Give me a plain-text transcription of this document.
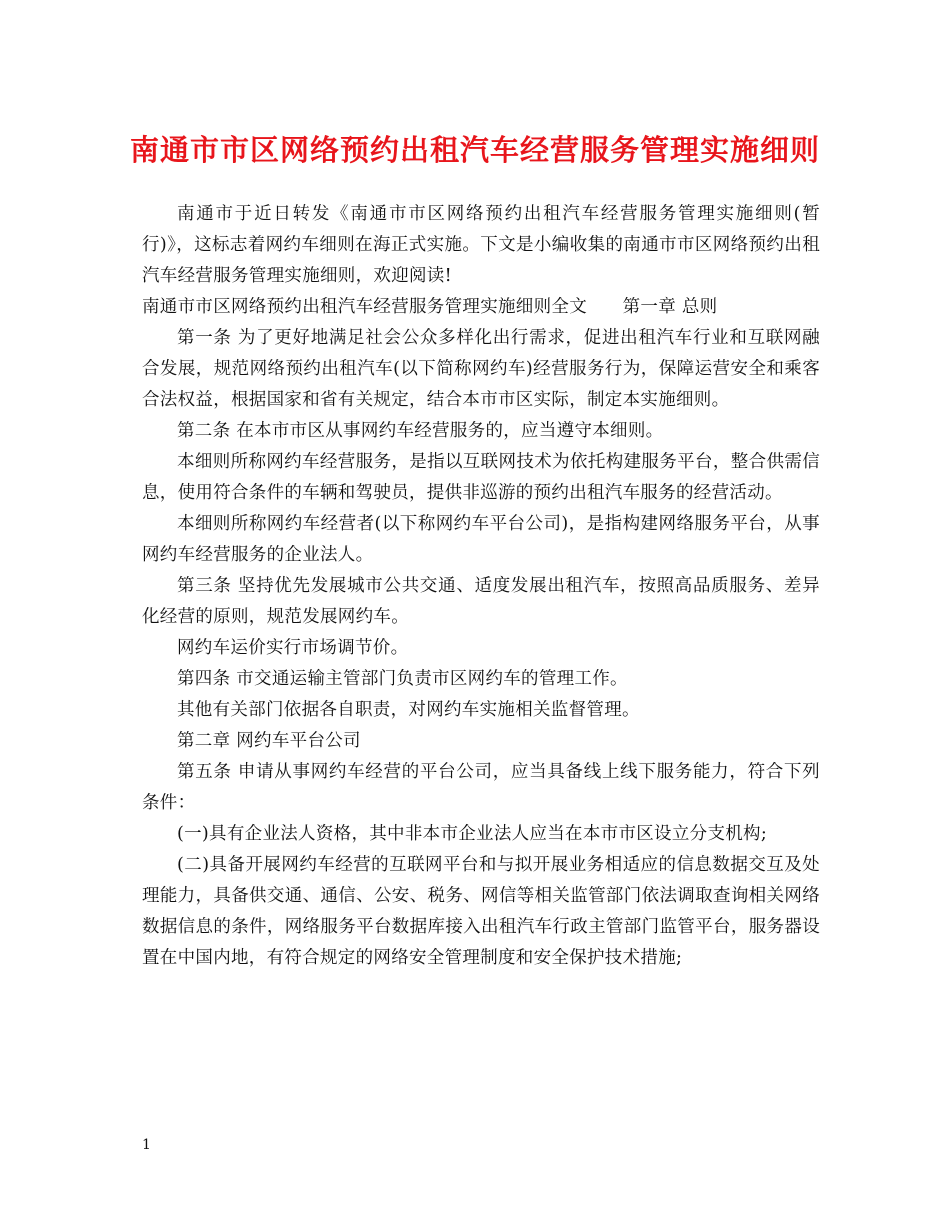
南通市市区网络预约出租汽车经营服务管理实施细则

南通市于近日转发《南通市市区网络预约出租汽车经营服务管理实施细则(暂行)》，这标志着网约车细则在海正式实施。下文是小编收集的南通市市区网络预约出租汽车经营服务管理实施细则，欢迎阅读!

南通市市区网络预约出租汽车经营服务管理实施细则全文　　第一章 总则

第一条 为了更好地满足社会公众多样化出行需求，促进出租汽车行业和互联网融合发展，规范网络预约出租汽车(以下简称网约车)经营服务行为，保障运营安全和乘客合法权益，根据国家和省有关规定，结合本市市区实际，制定本实施细则。

第二条 在本市市区从事网约车经营服务的，应当遵守本细则。

本细则所称网约车经营服务，是指以互联网技术为依托构建服务平台，整合供需信息，使用符合条件的车辆和驾驶员，提供非巡游的预约出租汽车服务的经营活动。

本细则所称网约车经营者(以下称网约车平台公司)，是指构建网络服务平台，从事网约车经营服务的企业法人。

第三条 坚持优先发展城市公共交通、适度发展出租汽车，按照高品质服务、差异化经营的原则，规范发展网约车。

网约车运价实行市场调节价。

第四条 市交通运输主管部门负责市区网约车的管理工作。

其他有关部门依据各自职责，对网约车实施相关监督管理。

第二章 网约车平台公司

第五条 申请从事网约车经营的平台公司，应当具备线上线下服务能力，符合下列条件：

(一)具有企业法人资格，其中非本市企业法人应当在本市市区设立分支机构;

(二)具备开展网约车经营的互联网平台和与拟开展业务相适应的信息数据交互及处理能力，具备供交通、通信、公安、税务、网信等相关监管部门依法调取查询相关网络数据信息的条件，网络服务平台数据库接入出租汽车行政主管部门监管平台，服务器设置在中国内地，有符合规定的网络安全管理制度和安全保护技术措施;

1
